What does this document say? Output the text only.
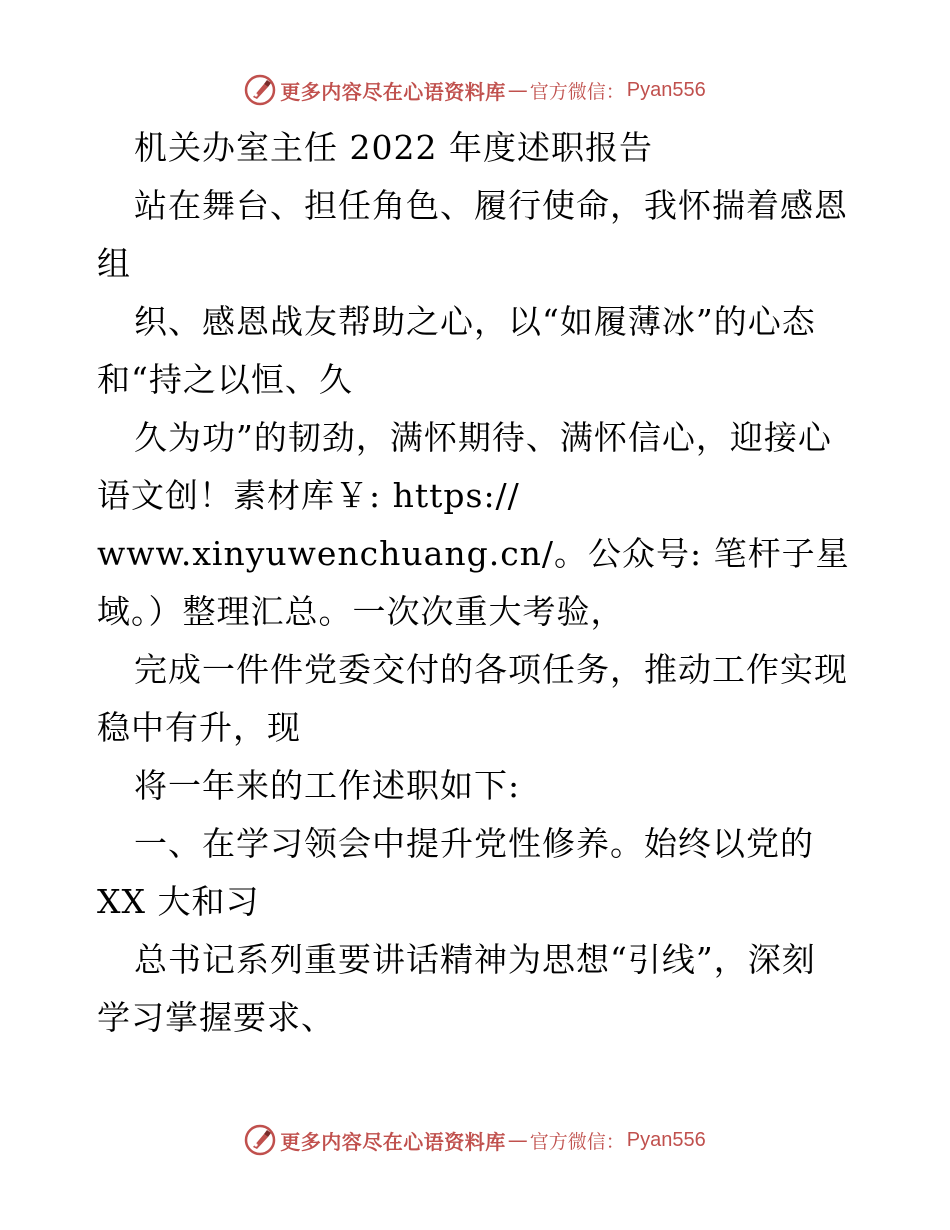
更多内容尽在心语资料库 — 官方微信： Pyan556
机关办室主任 2022 年度述职报告
站在舞台、担任角色、履行使命，我怀揣着感恩
组
织、感恩战友帮助之心，以“如履薄冰”的心态
和“持之以恒、久
久为功”的韧劲，满怀期待、满怀信心，迎接心
语文创！素材库￥: https://
www.xinyuwenchuang.cn/。公众号: 笔杆子星
域。）整理汇总。一次次重大考验，
完成一件件党委交付的各项任务，推动工作实现
稳中有升，现
将一年来的工作述职如下:
一、在学习领会中提升党性修养。始终以党的
XX 大和习
总书记系列重要讲话精神为思想“引线”，深刻
学习掌握要求、
更多内容尽在心语资料库 — 官方微信： Pyan556
